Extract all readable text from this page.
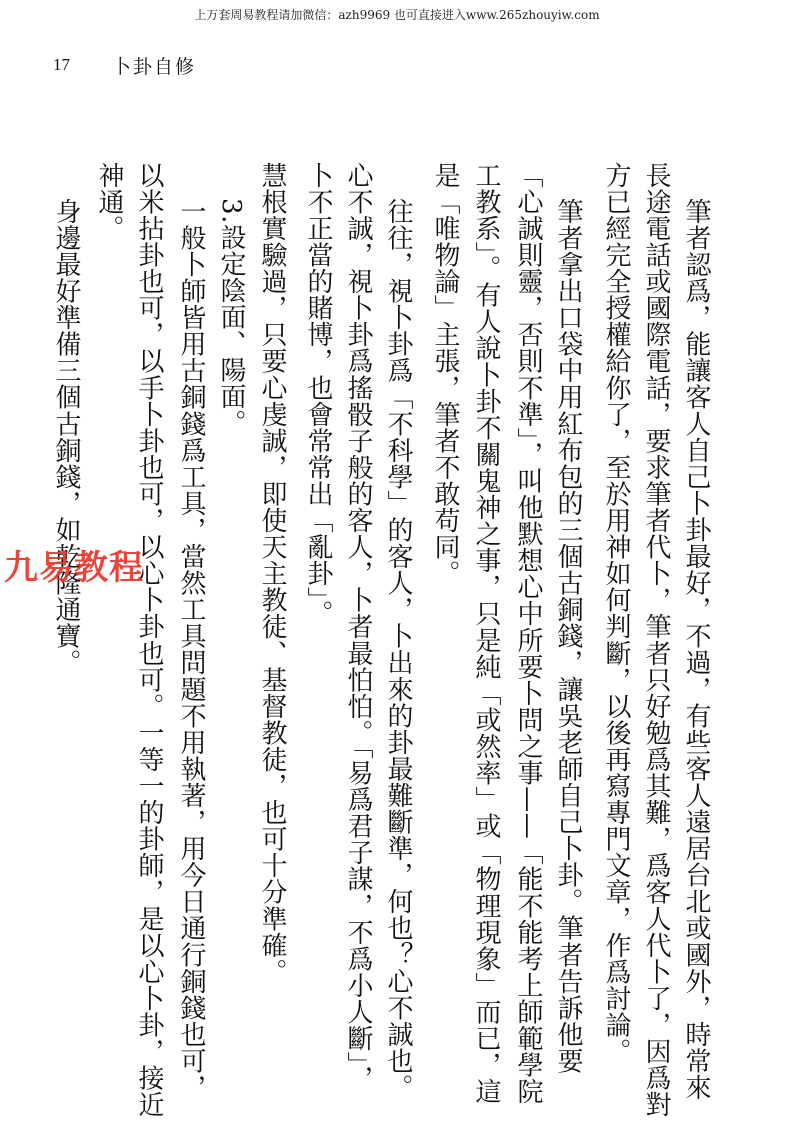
上万套周易教程请加微信：azh9969 也可直接进入www.265zhouyiw.com
17 卜卦自修
筆者認爲，能讓客人自己卜卦最好，不過，有些客人遠居台北或國外，時常來
長途電話或國際電話，要求筆者代卜，筆者只好勉爲其難，爲客人代卜了，因爲對
方已經完全授權給你了，至於用神如何判斷，以後再寫專門文章，作爲討論。
筆者拿出口袋中用紅布包的三個古銅錢，讓吳老師自己卜卦。筆者告訴他要
「心誠則靈，否則不準」，叫他默想心中所要卜問之事——「能不能考上師範學院
工教系」。有人說卜卦不關鬼神之事，只是純「或然率」或「物理現象」而已，這
是「唯物論」主張，筆者不敢苟同。
往往，視卜卦爲「不科學」的客人，卜出來的卦最難斷準，何也？心不誠也。
心不誠，視卜卦爲搖骰子般的客人，卜者最怕怕。「易爲君子謀，不爲小人斷」，
卜不正當的賭博，也會常常出「亂卦」。
慧根實驗過，只要心虔誠，即使天主教徒、基督教徒，也可十分準確。
3.設定陰面、陽面。
一般卜師皆用古銅錢爲工具，當然工具問題不用執著，用今日通行銅錢也可，
以米拈卦也可，以手卜卦也可，以心卜卦也可。一等一的卦師，是以心卜卦，接近
神通。
身邊最好準備三個古銅錢，如乾隆通寶。
九易教程
